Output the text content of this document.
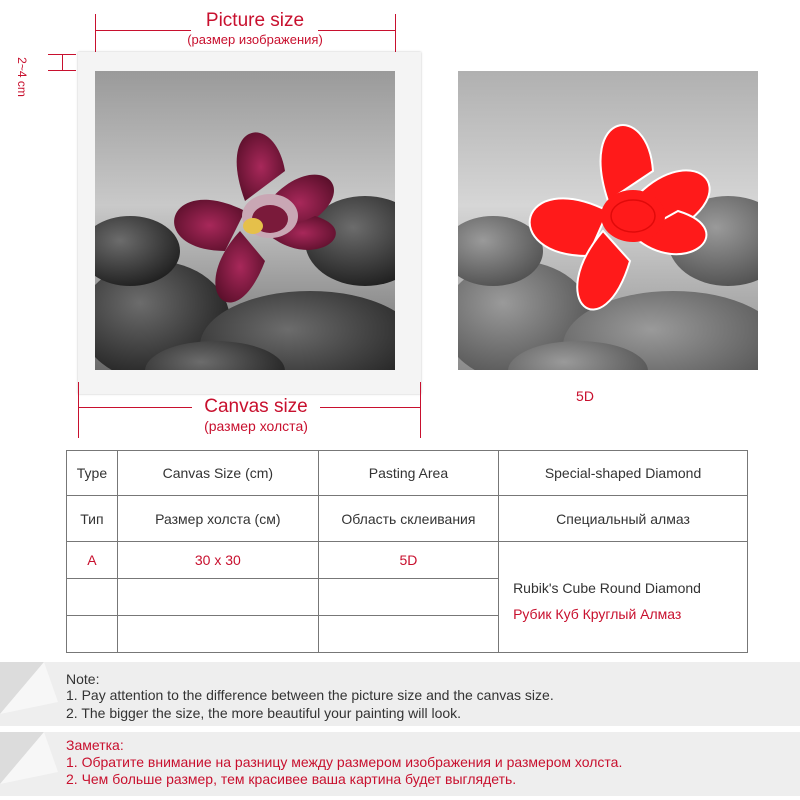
Picture size
(размер изображения)
2~4 cm
Canvas size
(размер холста)
5D
Type	Canvas Size (cm)	Pasting Area	Special-shaped Diamond
Тип	Размер холста (см)	Область склеивания	Специальный алмаз
A	30 x 30	5D	Rubik's Cube Round Diamond
Рубик Куб Круглый Алмаз

Note:
1. Pay attention to the difference between the picture size and the canvas size.
2. The bigger the size, the more beautiful your painting will look.
Заметка:
1. Обратите внимание на разницу между размером изображения и размером холста.
2. Чем больше размер, тем красивее ваша картина будет выглядеть.
